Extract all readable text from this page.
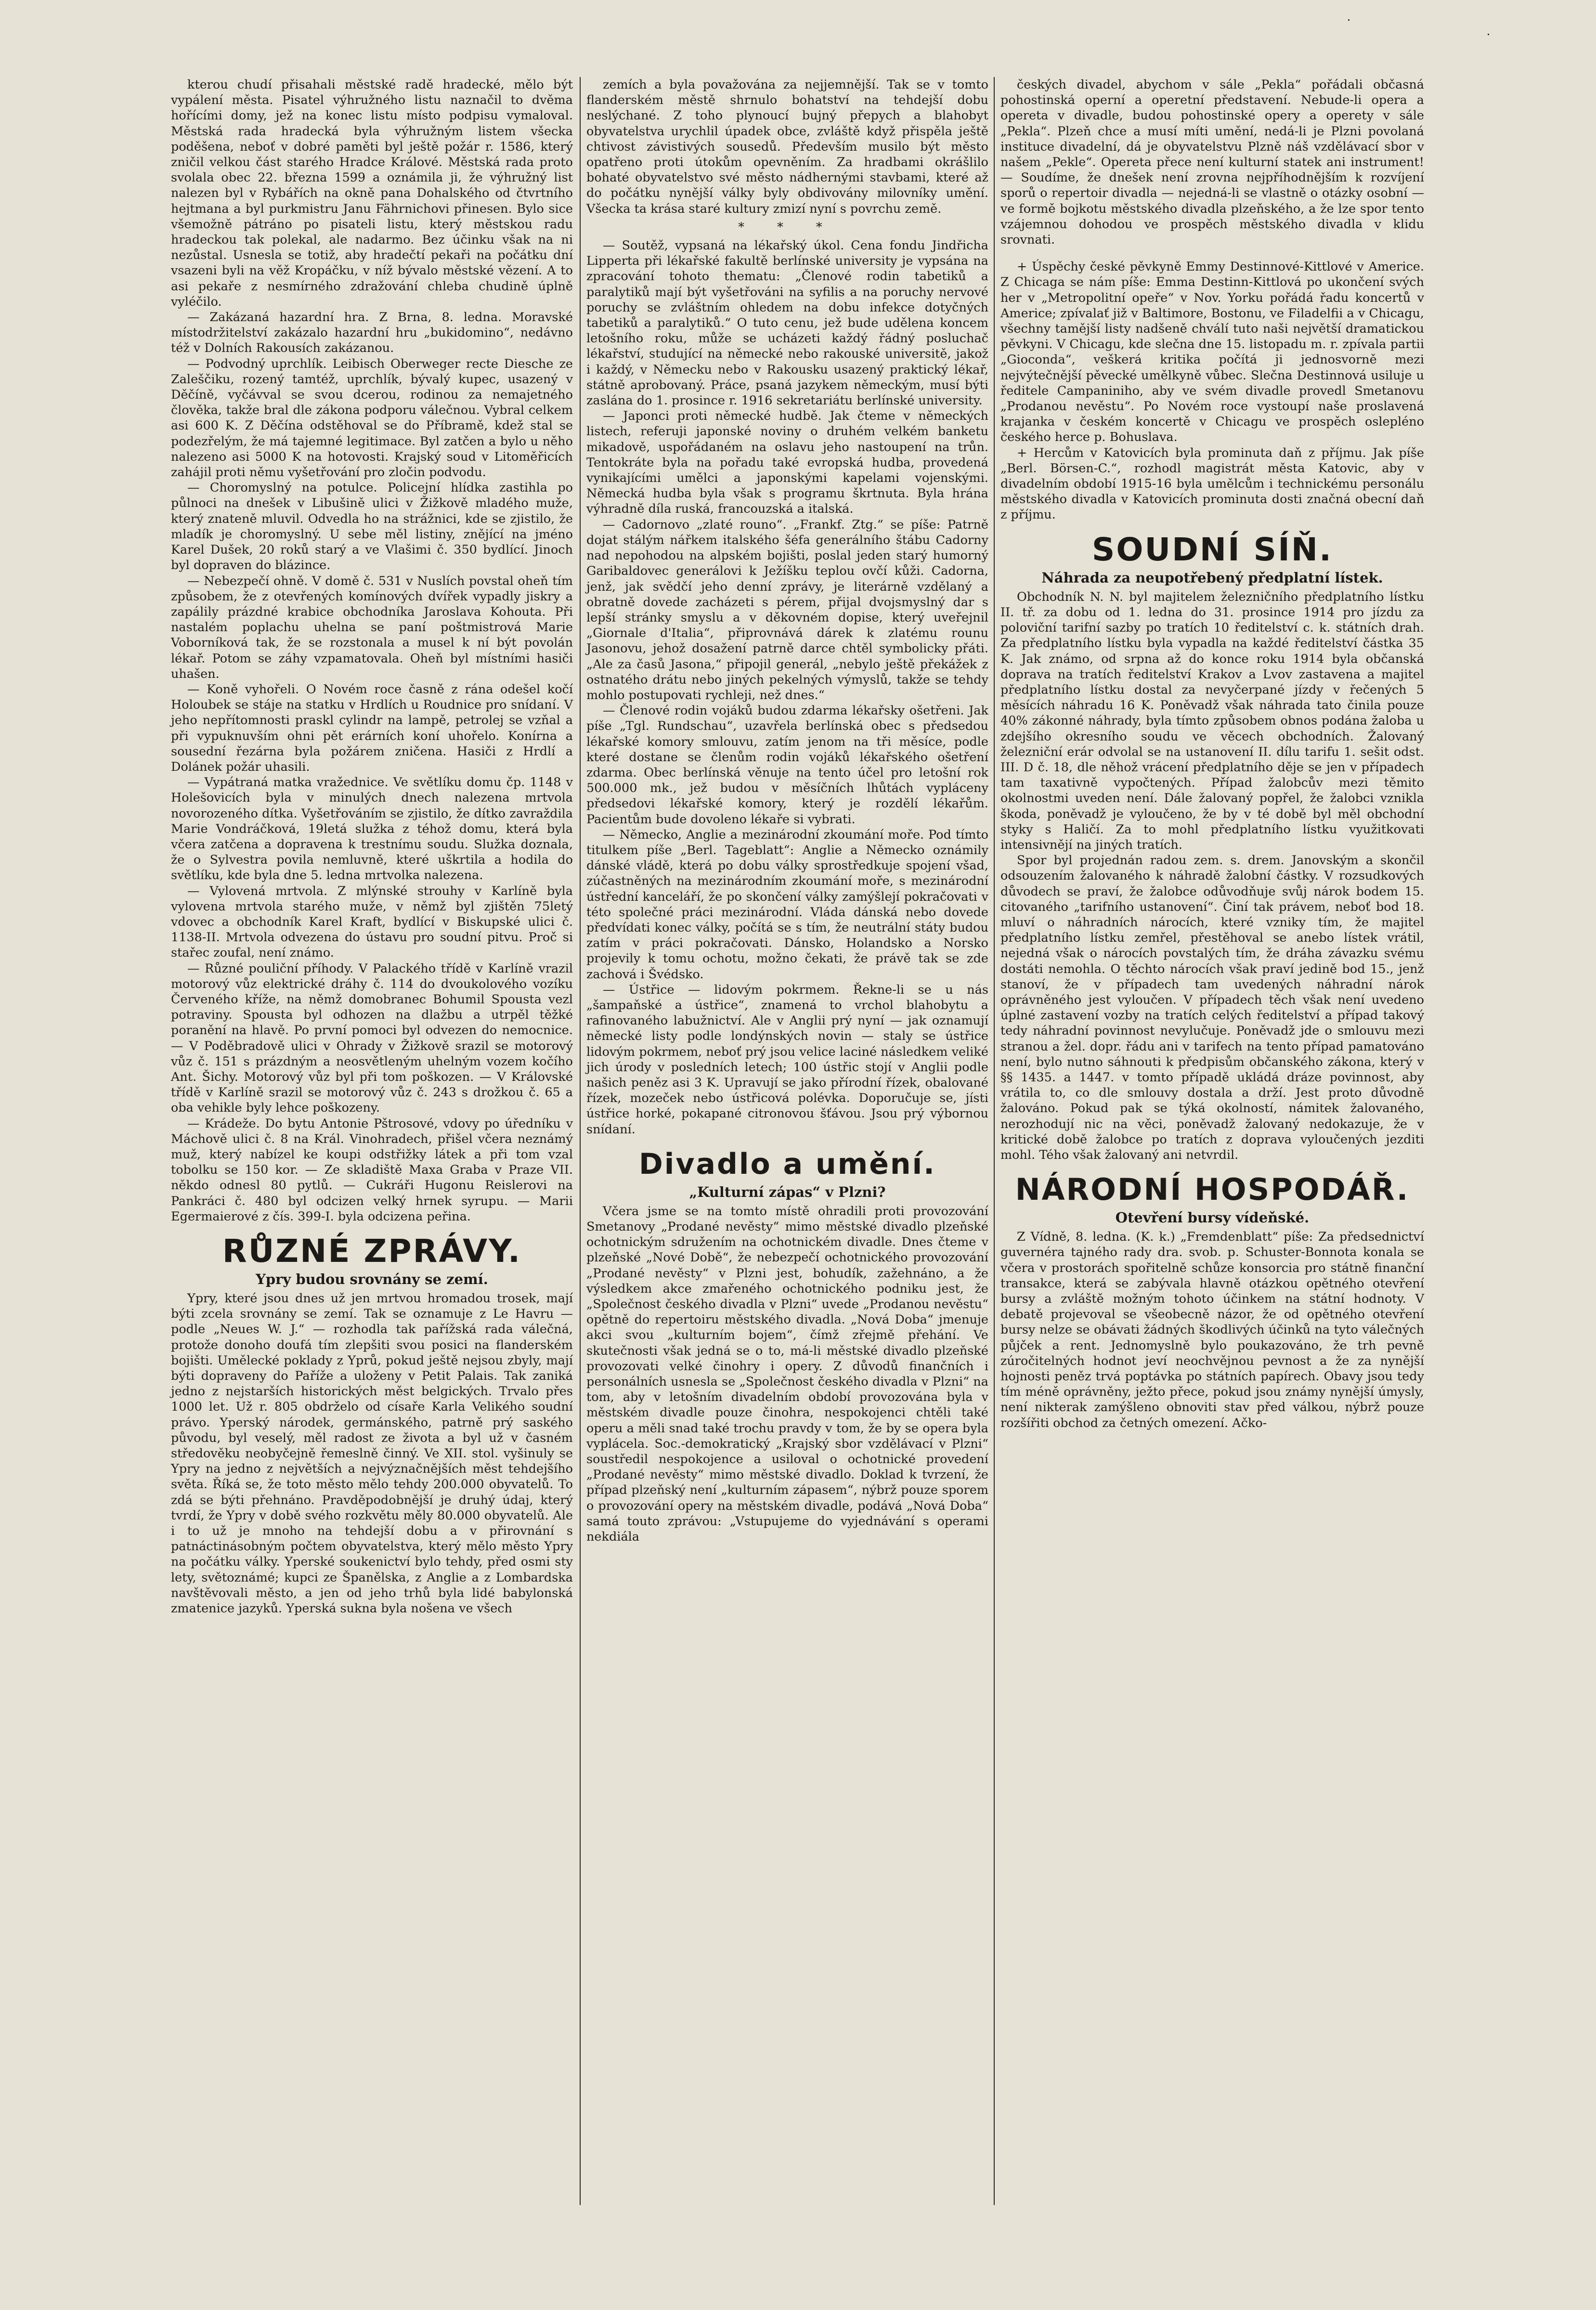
kterou chudí přisahali městské radě hradecké, mělo být vypálení města. Pisatel výhružného listu naznačil to dvěma hořícími domy, jež na konec listu místo podpisu vymaloval. Městská rada hradecká byla výhružným listem všecka poděšena, neboť v dobré paměti byl ještě požár r. 1586, který zničil velkou část starého Hradce Králové. Městská rada proto svolala obec 22. března 1599 a oznámila ji, že výhružný list nalezen byl v Rybářích na okně pana Dohalského od čtvrtního hejtmana a byl purkmistru Janu Fährnichovi přinesen. Bylo sice všemožně pátráno po pisateli listu, který městskou radu hradeckou tak polekal, ale nadarmo. Bez účinku však na ni nezůstal. Usnesla se totiž, aby hradečtí pekaři na počátku dní vsazeni byli na věž Kropáčku, v níž bývalo městské vězení. A to asi pekaře z nesmírného zdražování chleba chudině úplně vyléčilo.

— Zakázaná hazardní hra. Z Brna, 8. ledna. Moravské místodržitelství zakázalo hazardní hru „bukidomino“, nedávno též v Dolních Rakousích zakázanou.

— Podvodný uprchlík. Leibisch Oberweger recte Diesche ze Zaleščiku, rozený tamtéž, uprchlík, bývalý kupec, usazený v Děčíně, vyčávval se svou dcerou, rodinou za nemajetného člověka, takže bral dle zákona podporu válečnou. Vybral celkem asi 600 K. Z Děčína odstěhoval se do Příbramě, kdež stal se podezřelým, že má tajemné legitimace. Byl zatčen a bylo u něho nalezeno asi 5000 K na hotovosti. Krajský soud v Litoměřicích zahájil proti němu vyšetřování pro zločin podvodu.

— Choromyslný na potulce. Policejní hlídka zastihla po půlnoci na dnešek v Libušině ulici v Žižkově mladého muže, který znateně mluvil. Odvedla ho na strážnici, kde se zjistilo, že mladík je choromyslný. U sebe měl listiny, znějící na jméno Karel Dušek, 20 roků starý a ve Vlašimi č. 350 bydlící. Jinoch byl dopraven do blázince.

— Nebezpečí ohně. V domě č. 531 v Nuslích povstal oheň tím způsobem, že z otevřených komínových dvířek vypadly jiskry a zapálily prázdné krabice obchodníka Jaroslava Kohouta. Při nastalém poplachu uhelna se paní poštmistrová Marie Voborníková tak, že se rozstonala a musel k ní být povolán lékař. Potom se záhy vzpamatovala. Oheň byl místními hasiči uhašen.

— Koně vyhořeli. O Novém roce časně z rána odešel kočí Holoubek se stáje na statku v Hrdlích u Roudnice pro snídaní. V jeho nepřítomnosti praskl cylindr na lampě, petrolej se vzňal a při vypuknuvším ohni pět erárních koní uhořelo. Konírna a sousední řezárna byla požárem zničena. Hasiči z Hrdlí a Dolánek požár uhasili.

— Vypátraná matka vražednice. Ve světlíku domu čp. 1148 v Holešovicích byla v minulých dnech nalezena mrtvola novorozeného dítka. Vyšetřováním se zjistilo, že dítko zavraždila Marie Vondráčková, 19letá služka z téhož domu, která byla včera zatčena a dopravena k trestnímu soudu. Služka doznala, že o Sylvestra povila nemluvně, které uškrtila a hodila do světlíku, kde byla dne 5. ledna mrtvolka nalezena.

— Vylovená mrtvola. Z mlýnské strouhy v Karlíně byla vylovena mrtvola starého muže, v němž byl zjištěn 75letý vdovec a obchodník Karel Kraft, bydlící v Biskupské ulici č. 1138-II. Mrtvola odvezena do ústavu pro soudní pitvu. Proč si stařec zoufal, není známo.

— Různé pouliční příhody. V Palackého třídě v Karlíně vrazil motorový vůz elektrické dráhy č. 114 do dvoukolového vozíku Červeného kříže, na němž domobranec Bohumil Spousta vezl potraviny. Spousta byl odhozen na dlažbu a utrpěl těžké poranění na hlavě. Po první pomoci byl odvezen do nemocnice. — V Poděbradově ulici v Ohrady v Žižkově srazil se motorový vůz č. 151 s prázdným a neosvětleným uhelným vozem kočího Ant. Šichy. Motorový vůz byl při tom poškozen. — V Královské třídě v Karlíně srazil se motorový vůz č. 243 s drožkou č. 65 a oba vehikle byly lehce poškozeny.

— Krádeže. Do bytu Antonie Pštrosové, vdovy po úředníku v Máchově ulici č. 8 na Král. Vinohradech, přišel včera neznámý muž, který nabízel ke koupi odstřižky látek a při tom vzal tobolku se 150 kor. — Ze skladiště Maxa Graba v Praze VII. někdo odnesl 80 pytlů. — Cukráři Hugonu Reislerovi na Pankráci č. 480 byl odcizen velký hrnek syrupu. — Marii Egermaierové z čís. 399-I. byla odcizena peřina.

RŮZNÉ ZPRÁVY.
Ypry budou srovnány se zemí.

Ypry, které jsou dnes už jen mrtvou hromadou trosek, mají býti zcela srovnány se zemí. Tak se oznamuje z Le Havru — podle „Neues W. J.“ — rozhodla tak pařížská rada válečná, protože donoho doufá tím zlepšiti svou posici na flanderském bojišti. Umělecké poklady z Yprů, pokud ještě nejsou zbyly, mají býti dopraveny do Paříže a uloženy v Petit Palais. Tak zaniká jedno z nejstarších historických měst belgických. Trvalo přes 1000 let. Už r. 805 obdrželo od císaře Karla Velikého soudní právo. Yperský národek, germánského, patrně prý saského původu, byl veselý, měl radost ze života a byl už v časném středověku neobyčejně řemeslně činný. Ve XII. stol. vyšinuly se Ypry na jedno z největších a nejvýznačnějších měst tehdejšího světa. Říká se, že toto město mělo tehdy 200.000 obyvatelů. To zdá se býti přehnáno. Pravděpodobnější je druhý údaj, který tvrdí, že Ypry v době svého rozkvětu měly 80.000 obyvatelů. Ale i to už je mnoho na tehdejší dobu a v přirovnání s patnáctinásobným počtem obyvatelstva, který mělo město Ypry na počátku války. Yperské soukenictví bylo tehdy, před osmi sty lety, světoznámé; kupci ze Španělska, z Anglie a z Lombardska navštěvovali město, a jen od jeho trhů byla lidé babylonská zmatenice jazyků. Yperská sukna byla nošena ve všech

zemích a byla považována za nejjemnější. Tak se v tomto flanderském městě shrnulo bohatství na tehdejší dobu neslýchané. Z toho plynoucí bujný přepych a blahobyt obyvatelstva urychlil úpadek obce, zvláště když přispěla ještě chtivost závistivých sousedů. Především musilo být město opatřeno proti útokům opevněním. Za hradbami okrášlilo bohaté obyvatelstvo své město nádhernými stavbami, které až do počátku nynější války byly obdivovány milovníky umění. Všecka ta krása staré kultury zmizí nyní s povrchu země.

* * *

— Soutěž, vypsaná na lékařský úkol. Cena fondu Jindřicha Lipperta při lékařské fakultě berlínské university je vypsána na zpracování tohoto thematu: „Členové rodin tabetiků a paralytiků mají být vyšetřováni na syfilis a na poruchy nervové poruchy se zvláštním ohledem na dobu infekce dotyčných tabetiků a paralytiků.“ O tuto cenu, jež bude udělena koncem letošního roku, může se ucházeti každý řádný posluchač lékařství, studující na německé nebo rakouské universitě, jakož i každý, v Německu nebo v Rakousku usazený praktický lékař, státně aprobovaný. Práce, psaná jazykem německým, musí býti zaslána do 1. prosince r. 1916 sekretariátu berlínské university.

— Japonci proti německé hudbě. Jak čteme v německých listech, referuji japonské noviny o druhém velkém banketu mikadově, uspořádaném na oslavu jeho nastoupení na trůn. Tentokráte byla na pořadu také evropská hudba, provedená vynikajícími umělci a japonskými kapelami vojenskými. Německá hudba byla však s programu škrtnuta. Byla hrána výhradně díla ruská, francouzská a italská.

— Cadornovo „zlaté rouno“. „Frankf. Ztg.“ se píše: Patrně dojat stálým nářkem italského šéfa generálního štábu Cadorny nad nepohodou na alpském bojišti, poslal jeden starý humorný Garibaldovec generálovi k Ježíšku teplou ovčí kůži. Cadorna, jenž, jak svědčí jeho denní zprávy, je literárně vzdělaný a obratně dovede zacházeti s pérem, přijal dvojsmyslný dar s lepší stránky smyslu a v děkovném dopise, který uveřejnil „Giornale d'Italia“, připrovnává dárek k zlatému rounu Jasonovu, jehož dosažení patrně darce chtěl symbolicky přáti. „Ale za časů Jasona,“ připojil generál, „nebylo ještě překážek z ostnatého drátu nebo jiných pekelných výmyslů, takže se tehdy mohlo postupovati rychleji, než dnes.“

— Členové rodin vojáků budou zdarma lékařsky ošetřeni. Jak píše „Tgl. Rundschau“, uzavřela berlínská obec s předsedou lékařské komory smlouvu, zatím jenom na tři měsíce, podle které dostane se členům rodin vojáků lékařského ošetření zdarma. Obec berlínská věnuje na tento účel pro letošní rok 500.000 mk., jež budou v měsíčních lhůtách vypláceny předsedovi lékařské komory, který je rozdělí lékařům. Pacientům bude dovoleno lékaře si vybrati.

— Německo, Anglie a mezinárodní zkoumání moře. Pod tímto titulkem píše „Berl. Tageblatt“: Anglie a Německo oznámily dánské vládě, která po dobu války sprostředkuje spojení všad, zúčastněných na mezinárodním zkoumání moře, s mezinárodní ústřední kanceláří, že po skončení války zamýšlejí pokračovati v této společné práci mezinárodní. Vláda dánská nebo dovede předvídati konec války, počítá se s tím, že neutrální státy budou zatím v práci pokračovati. Dánsko, Holandsko a Norsko projevily k tomu ochotu, možno čekati, že právě tak se zde zachová i Švédsko.

— Ústřice — lidovým pokrmem. Řekne-li se u nás „šampaňské a ústřice“, znamená to vrchol blahobytu a rafinovaného labužnictví. Ale v Anglii prý nyní — jak oznamují německé listy podle londýnských novin — staly se ústřice lidovým pokrmem, neboť prý jsou velice laciné následkem veliké jich úrody v posledních letech; 100 ústřic stojí v Anglii podle našich peněz asi 3 K. Upravují se jako přírodní řízek, obalované řízek, mozeček nebo ústřicová polévka. Doporučuje se, jísti ústřice horké, pokapané citronovou šťávou. Jsou prý výbornou snídaní.

Divadlo a umění.
„Kulturní zápas“ v Plzni?

Včera jsme se na tomto místě ohradili proti provozování Smetanovy „Prodané nevěsty“ mimo městské divadlo plzeňské ochotnickým sdružením na ochotnickém divadle. Dnes čteme v plzeňské „Nové Době“, že nebezpečí ochotnického provozování „Prodané nevěsty“ v Plzni jest, bohudík, zažehnáno, a že výsledkem akce zmařeného ochotnického podniku jest, že „Společnost českého divadla v Plzni“ uvede „Prodanou nevěstu“ opětně do repertoiru městského divadla. „Nová Doba“ jmenuje akci svou „kulturním bojem“, čímž zřejmě přehání. Ve skutečnosti však jedná se o to, má-li městské divadlo plzeňské provozovati velké činohry i opery. Z důvodů finančních i personálních usnesla se „Společnost českého divadla v Plzni“ na tom, aby v letošním divadelním období provozována byla v městském divadle pouze činohra, nespokojenci chtěli také operu a měli snad také trochu pravdy v tom, že by se opera byla vyplácela. Soc.-demokratický „Krajský sbor vzdělávací v Plzni“ soustředil nespokojence a usiloval o ochotnické provedení „Prodané nevěsty“ mimo městské divadlo. Doklad k tvrzení, že případ plzeňský není „kulturním zápasem“, nýbrž pouze sporem o provozování opery na městském divadle, podává „Nová Doba“ samá touto zprávou: „Vstupujeme do vyjednávání s operami nekdiála

českých divadel, abychom v sále „Pekla“ pořádali občasná pohostinská operní a operetní představení. Nebude-li opera a opereta v divadle, budou pohostinské opery a operety v sále „Pekla“. Plzeň chce a musí míti umění, nedá-li je Plzni povolaná instituce divadelní, dá je obyvatelstvu Plzně náš vzdělávací sbor v našem „Pekle“. Opereta přece není kulturní statek ani instrument! — Soudíme, že dnešek není zrovna nejpříhodnějším k rozvíjení sporů o repertoir divadla — nejedná-li se vlastně o otázky osobní — ve formě bojkotu městského divadla plzeňského, a že lze spor tento vzájemnou dohodou ve prospěch městského divadla v klidu srovnati.

+ Úspěchy české pěvkyně Emmy Destinnové-Kittlové v Americe. Z Chicaga se nám píše: Emma Destinn-Kittlová po ukončení svých her v „Metropolitní opeře“ v Nov. Yorku pořádá řadu koncertů v Americe; zpívalať již v Baltimore, Bostonu, ve Filadelfii a v Chicagu, všechny tamější listy nadšeně chválí tuto naši největší dramatickou pěvkyni. V Chicagu, kde slečna dne 15. listopadu m. r. zpívala partii „Gioconda“, veškerá kritika počítá ji jednosvorně mezi nejvýtečnější pěvecké umělkyně vůbec. Slečna Destinnová usiluje u ředitele Campaniniho, aby ve svém divadle provedl Smetanovu „Prodanou nevěstu“. Po Novém roce vystoupí naše proslavená krajanka v českém koncertě v Chicagu ve prospěch oslepléno českého herce p. Bohuslava.

+ Hercům v Katovicích byla prominuta daň z příjmu. Jak píše „Berl. Börsen-C.“, rozhodl magistrát města Katovic, aby v divadelním období 1915-16 byla umělcům i technickému personálu městského divadla v Katovicích prominuta dosti značná obecní daň z příjmu.

SOUDNÍ SÍŇ.
Náhrada za neupotřebený předplatní lístek.

Obchodník N. N. byl majitelem železničního předplatního lístku II. tř. za dobu od 1. ledna do 31. prosince 1914 pro jízdu za poloviční tarifní sazby po tratích 10 ředitelství c. k. státních drah. Za předplatního lístku byla vypadla na každé ředitelství částka 35 K. Jak známo, od srpna až do konce roku 1914 byla občanská doprava na tratích ředitelství Krakov a Lvov zastavena a majitel předplatního lístku dostal za nevyčerpané jízdy v řečených 5 měsících náhradu 16 K. Poněvadž však náhrada tato činila pouze 40% zákonné náhrady, byla tímto způsobem obnos podána žaloba u zdejšího okresního soudu ve věcech obchodních. Žalovaný železniční erár odvolal se na ustanovení II. dílu tarifu 1. sešit odst. III. D č. 18, dle něhož vrácení předplatního děje se jen v případech tam taxativně vypočtených. Případ žalobcův mezi těmito okolnostmi uveden není. Dále žalovaný popřel, že žalobci vznikla škoda, poněvadž je vyloučeno, že by v té době byl měl obchodní styky s Haličí. Za to mohl předplatního lístku využitkovati intensivnějí na jiných tratích.

Spor byl projednán radou zem. s. drem. Janovským a skončil odsouzením žalovaného k náhradě žalobní částky. V rozsudkových důvodech se praví, že žalobce odůvodňuje svůj nárok bodem 15. citovaného „tarifního ustanovení“. Činí tak právem, neboť bod 18. mluví o náhradních nárocích, které vzniky tím, že majitel předplatního lístku zemřel, přestěhoval se anebo lístek vrátil, nejedná však o nárocích povstalých tím, že dráha závazku svému dostáti nemohla. O těchto nárocích však praví jedině bod 15., jenž stanoví, že v případech tam uvedených náhradní nárok oprávněného jest vyloučen. V případech těch však není uvedeno úplné zastavení vozby na tratích celých ředitelství a případ takový tedy náhradní povinnost nevylučuje. Poněvadž jde o smlouvu mezi stranou a žel. dopr. řádu ani v tarifech na tento případ pamatováno není, bylo nutno sáhnouti k předpisům občanského zákona, který v §§ 1435. a 1447. v tomto případě ukládá dráze povinnost, aby vrátila to, co dle smlouvy dostala a drží. Jest proto důvodně žalováno. Pokud pak se týká okolností, námitek žalovaného, nerozhodují nic na věci, poněvadž žalovaný nedokazuje, že v kritické době žalobce po tratích z doprava vyloučených jezditi mohl. Tého však žalovaný ani netvrdil.

NÁRODNÍ HOSPODÁŘ.
Otevření bursy vídeňské.

Z Vídně, 8. ledna. (K. k.) „Fremdenblatt“ píše: Za předsednictví guvernéra tajného rady dra. svob. p. Schuster-Bonnota konala se včera v prostorách spořitelně schůze konsorcia pro státně finanční transakce, která se zabývala hlavně otázkou opětného otevření bursy a zvláště možným tohoto účinkem na státní hodnoty. V debatě projevoval se všeobecně názor, že od opětného otevření bursy nelze se obávati žádných škodlivých účinků na tyto válečných půjček a rent. Jednomyslně bylo poukazováno, že trh pevně zúročitelných hodnot jeví neochvějnou pevnost a že za nynější hojnosti peněz trvá poptávka po státních papírech. Obavy jsou tedy tím méně oprávněny, ježto přece, pokud jsou známy nynější úmysly, není nikterak zamýšleno obnoviti stav před válkou, nýbrž pouze rozšířiti obchod za četných omezení. Ačko-
